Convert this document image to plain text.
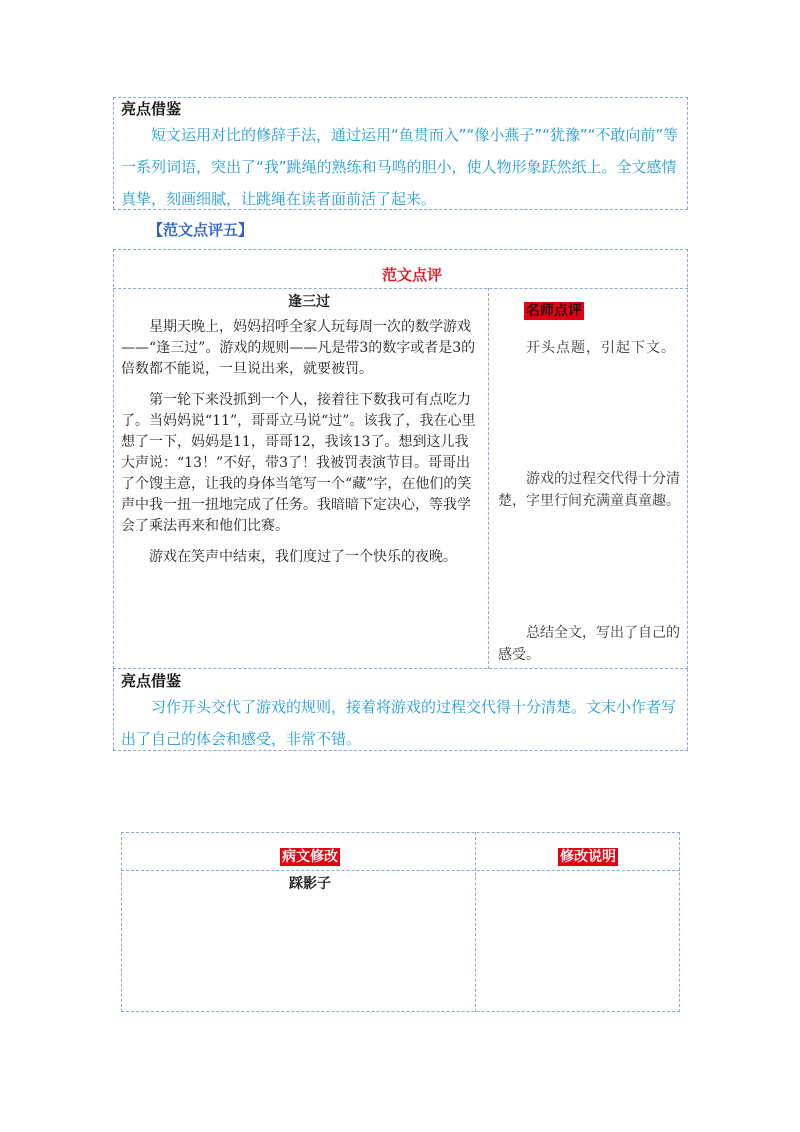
亮点借鉴
短文运用对比的修辞手法，通过运用“鱼贯而入”“像小燕子”“犹豫”“不敢向前”等一系列词语，突出了“我”跳绳的熟练和马鸣的胆小，使人物形象跃然纸上。全文感情真挚，刻画细腻，让跳绳在读者面前活了起来。
【范文点评五】
范文点评
逢三过

星期天晚上，妈妈招呼全家人玩每周一次的数学游戏——“逢三过”。游戏的规则——凡是带3的数字或者是3的倍数都不能说，一旦说出来，就要被罚。

第一轮下来没抓到一个人，接着往下数我可有点吃力了。当妈妈说“11”，哥哥立马说“过”。该我了，我在心里想了一下，妈妈是11，哥哥12，我该13了。想到这儿我大声说：“13！”不好，带3了！我被罚表演节目。哥哥出了个馊主意，让我的身体当笔写一个“藏”字，在他们的笑声中我一扭一扭地完成了任务。我暗暗下定决心，等我学会了乘法再来和他们比赛。

游戏在笑声中结束，我们度过了一个快乐的夜晚。

名师点评
开头点题，引起下文。
游戏的过程交代得十分清楚，字里行间充满童真童趣。
总结全文，写出了自己的感受。
亮点借鉴
习作开头交代了游戏的规则，接着将游戏的过程交代得十分清楚。文末小作者写出了自己的体会和感受，非常不错。
病文修改	修改说明
踩影子
